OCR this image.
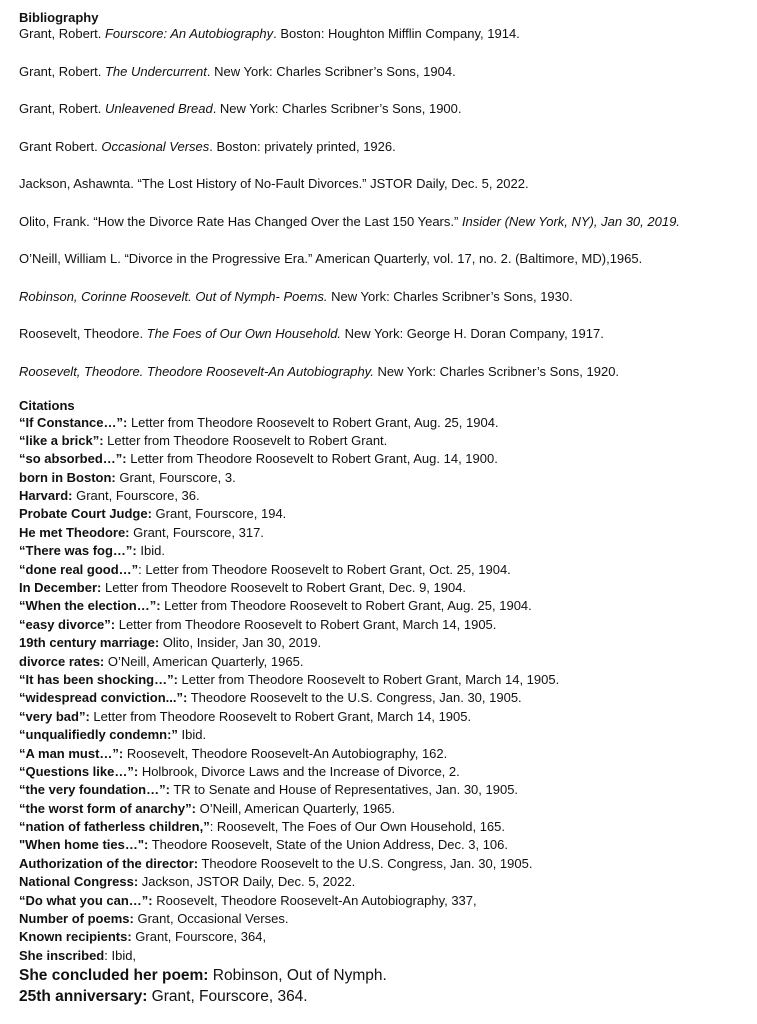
Bibliography
Grant, Robert. Fourscore: An Autobiography. Boston: Houghton Mifflin Company, 1914.
Grant, Robert. The Undercurrent. New York: Charles Scribner’s Sons, 1904.
Grant, Robert. Unleavened Bread. New York: Charles Scribner’s Sons, 1900.
Grant Robert. Occasional Verses. Boston: privately printed, 1926.
Jackson, Ashawnta. “The Lost History of No-Fault Divorces.” JSTOR Daily, Dec. 5, 2022.
Olito, Frank. “How the Divorce Rate Has Changed Over the Last 150 Years.” Insider (New York, NY), Jan 30, 2019.
O’Neill, William L. “Divorce in the Progressive Era.” American Quarterly, vol. 17, no. 2. (Baltimore, MD),1965.
Robinson, Corinne Roosevelt. Out of Nymph- Poems. New York: Charles Scribner’s Sons, 1930.
Roosevelt, Theodore. The Foes of Our Own Household. New York: George H. Doran Company, 1917.
Roosevelt, Theodore. Theodore Roosevelt-An Autobiography. New York: Charles Scribner’s Sons, 1920.
Citations
“If Constance…”: Letter from Theodore Roosevelt to Robert Grant, Aug. 25, 1904.
“like a brick”: Letter from Theodore Roosevelt to Robert Grant.
“so absorbed…”: Letter from Theodore Roosevelt to Robert Grant, Aug. 14, 1900.
born in Boston: Grant, Fourscore, 3.
Harvard: Grant, Fourscore, 36.
Probate Court Judge: Grant, Fourscore, 194.
He met Theodore: Grant, Fourscore, 317.
“There was fog…”: Ibid.
“done real good…”: Letter from Theodore Roosevelt to Robert Grant, Oct. 25, 1904.
In December: Letter from Theodore Roosevelt to Robert Grant, Dec. 9, 1904.
“When the election…”: Letter from Theodore Roosevelt to Robert Grant, Aug. 25, 1904.
“easy divorce”: Letter from Theodore Roosevelt to Robert Grant, March 14, 1905.
19th century marriage: Olito, Insider, Jan 30, 2019.
divorce rates: O’Neill, American Quarterly, 1965.
“It has been shocking…”: Letter from Theodore Roosevelt to Robert Grant, March 14, 1905.
“widespread conviction...”: Theodore Roosevelt to the U.S. Congress, Jan. 30, 1905.
“very bad”: Letter from Theodore Roosevelt to Robert Grant, March 14, 1905.
“unqualifiedly condemn:” Ibid.
“A man must…”: Roosevelt, Theodore Roosevelt-An Autobiography, 162.
“Questions like…”: Holbrook, Divorce Laws and the Increase of Divorce, 2.
“the very foundation…”: TR to Senate and House of Representatives, Jan. 30, 1905.
“the worst form of anarchy”: O’Neill, American Quarterly, 1965.
“nation of fatherless children,”: Roosevelt, The Foes of Our Own Household, 165.
"When home ties…": Theodore Roosevelt, State of the Union Address, Dec. 3, 106.
Authorization of the director: Theodore Roosevelt to the U.S. Congress, Jan. 30, 1905.
National Congress: Jackson, JSTOR Daily, Dec. 5, 2022.
“Do what you can…”: Roosevelt, Theodore Roosevelt-An Autobiography, 337,
Number of poems: Grant, Occasional Verses.
Known recipients: Grant, Fourscore, 364,
She inscribed: Ibid,
She concluded her poem: Robinson, Out of Nymph.
25th anniversary: Grant, Fourscore, 364.
